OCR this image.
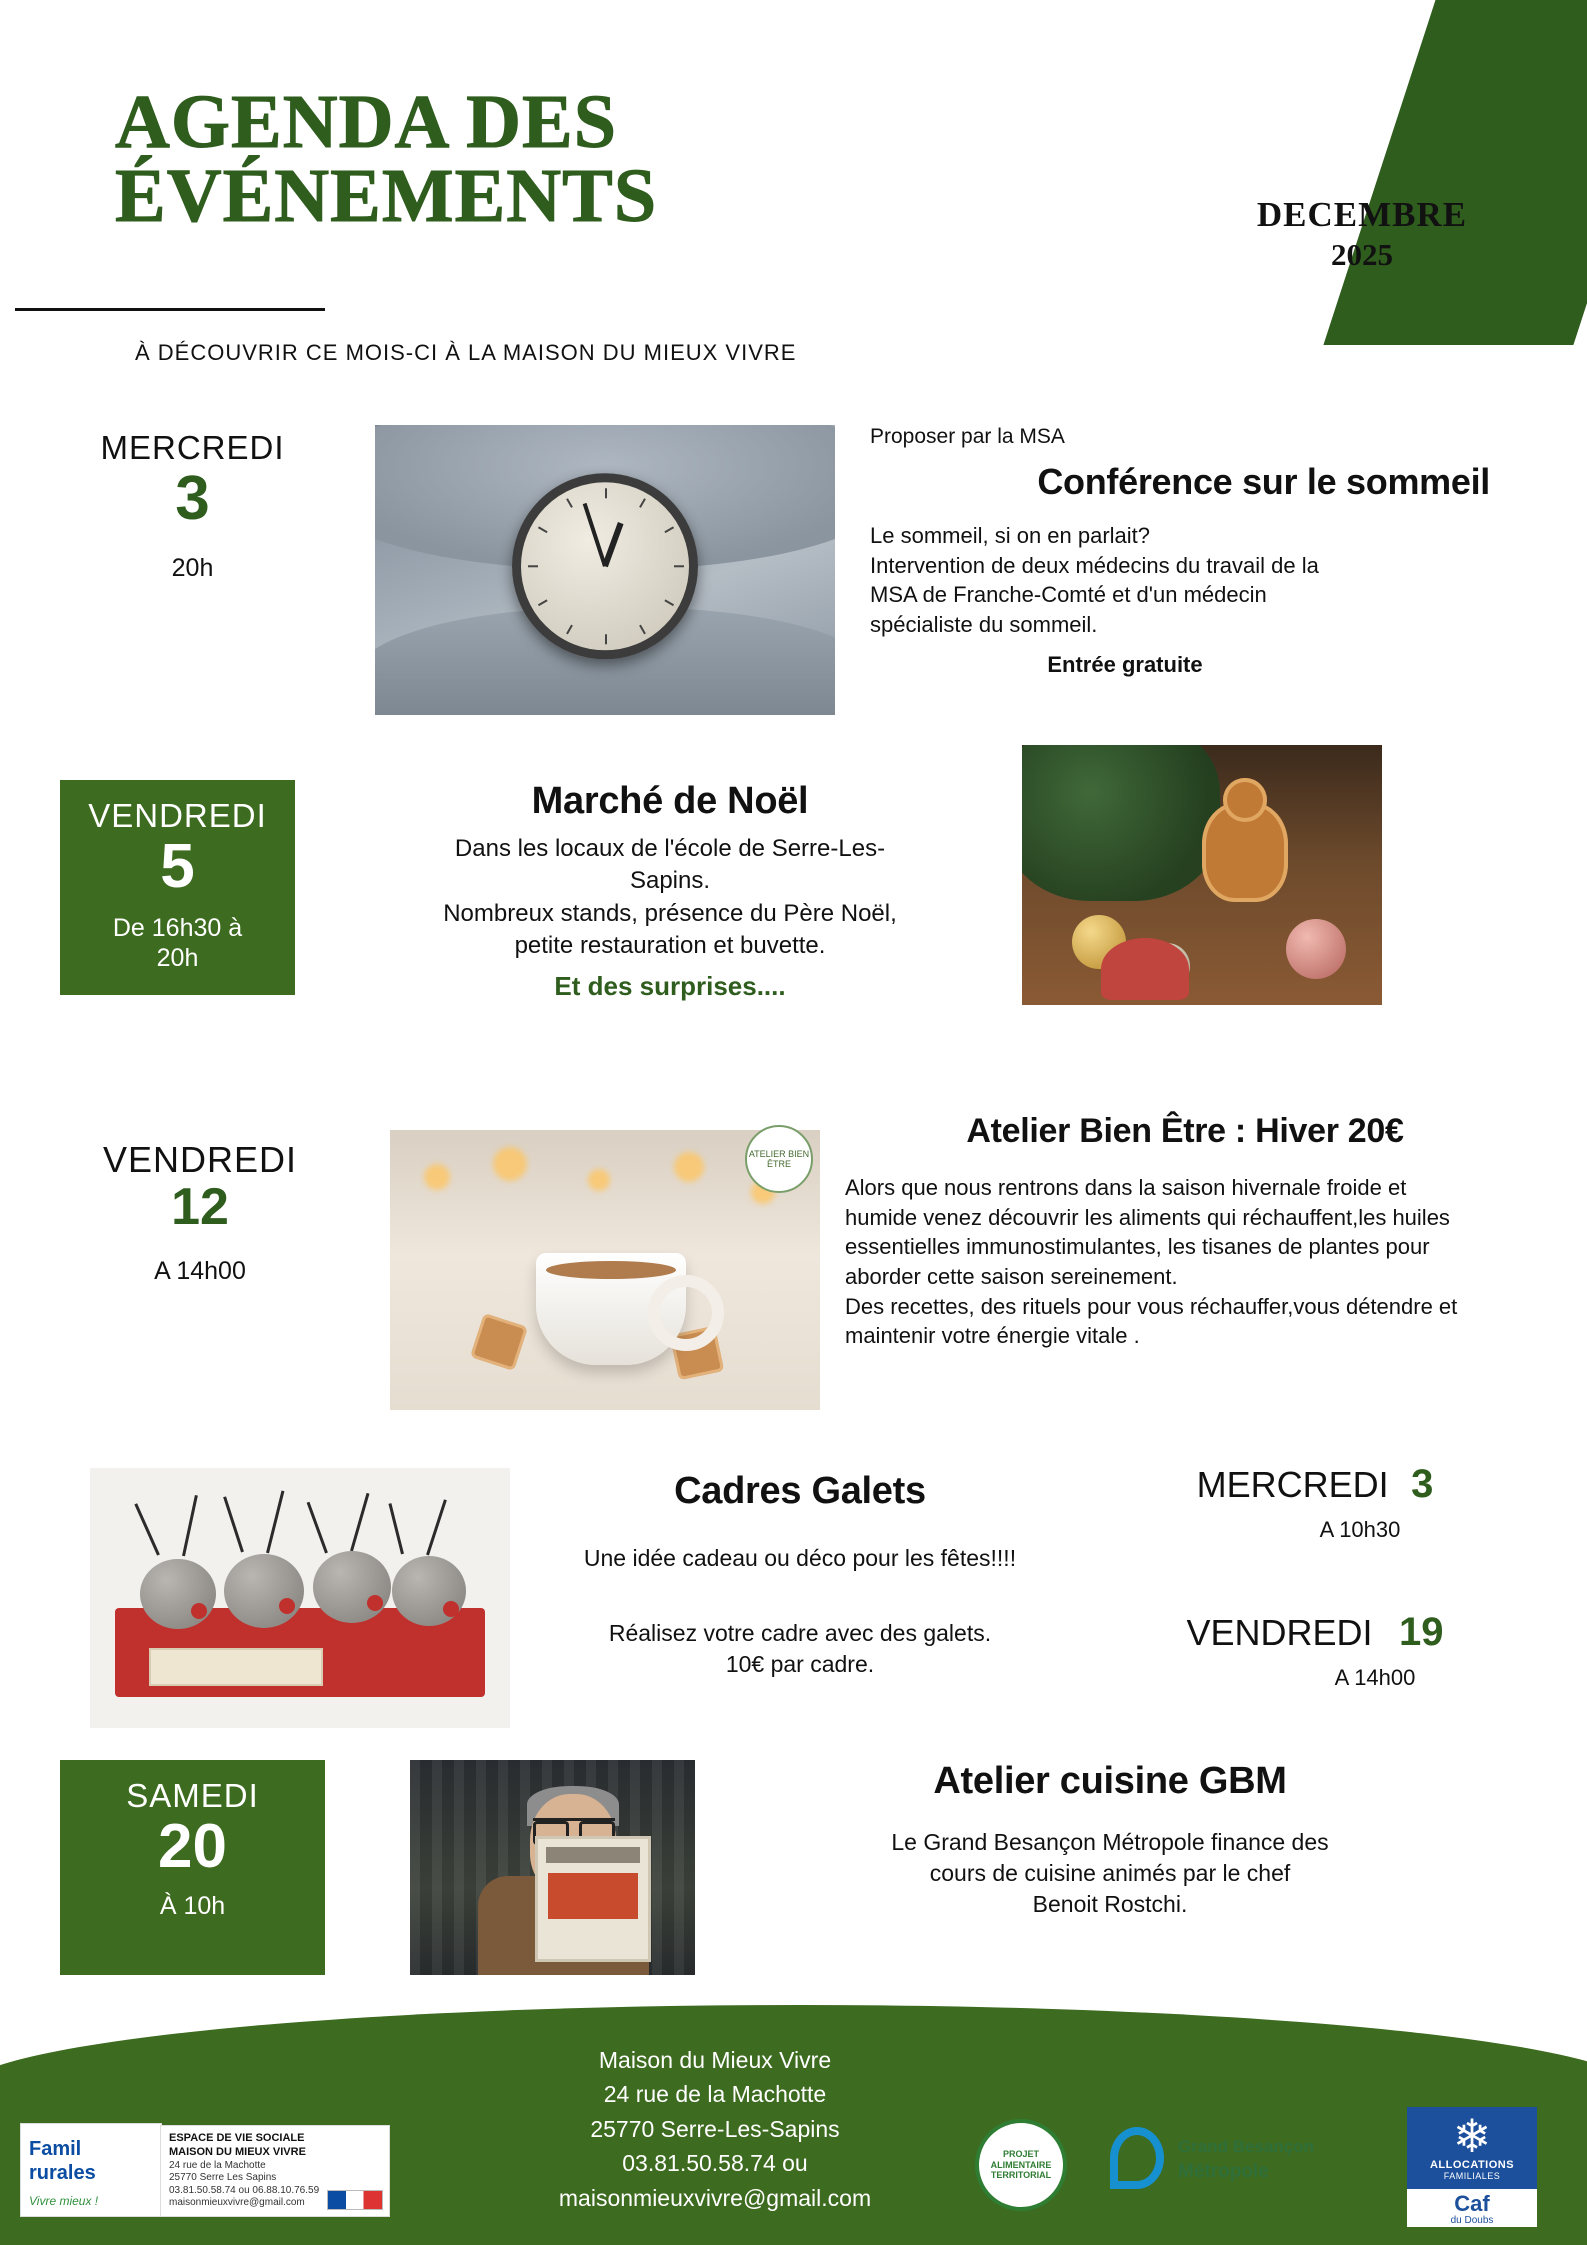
AGENDA DES
ÉVÉNEMENTS	DECEMBRE
2025
À DÉCOUVRIR CE MOIS-CI À LA MAISON DU MIEUX VIVRE
MERCREDI
3
20h
Proposer par la MSA
Conférence sur le sommeil
Le sommeil, si on en parlait?
Intervention de deux médecins du travail de la
MSA de Franche-Comté et d'un médecin
spécialiste du sommeil.
Entrée gratuite
VENDREDI
5
De 16h30 à
20h
Marché de Noël
Dans les locaux de l'école de Serre-Les-
Sapins.
Nombreux stands, présence du Père Noël,
petite restauration et buvette.
Et des surprises....
VENDREDI
12
A 14h00
ATELIER BIEN ÊTRE
Atelier Bien Être : Hiver 20€
Alors que nous rentrons dans la saison hivernale froide et
humide venez découvrir les aliments qui réchauffent,les huiles
essentielles immunostimulantes, les tisanes de plantes pour
aborder cette saison sereinement.
Des recettes, des rituels pour vous réchauffer,vous détendre et
maintenir votre énergie vitale .
Cadres Galets
Une idée cadeau ou déco pour les fêtes!!!!
Réalisez votre cadre avec des galets.
10€ par cadre.
MERCREDI 3
A 10h30
VENDREDI 19
A 14h00
SAMEDI
20
À 10h
Atelier cuisine GBM
Le Grand Besançon Métropole finance des
cours de cuisine animés par le chef
Benoit Rostchi.
Maison du Mieux Vivre
24 rue de la Machotte
25770 Serre-Les-Sapins
03.81.50.58.74 ou
maisonmieuxvivre@gmail.com
Famil
rurales
Vivre mieux !
ESPACE DE VIE SOCIALE
MAISON DU MIEUX VIVRE
24 rue de la Machotte
25770 Serre Les Sapins
03.81.50.58.74 ou 06.88.10.76.59
maisonmieuxvivre@gmail.com
PROJET ALIMENTAIRE TERRITORIAL
Grand Besançon
Métropole
❄
ALLOCATIONS
FAMILIALES
Caf
du Doubs
